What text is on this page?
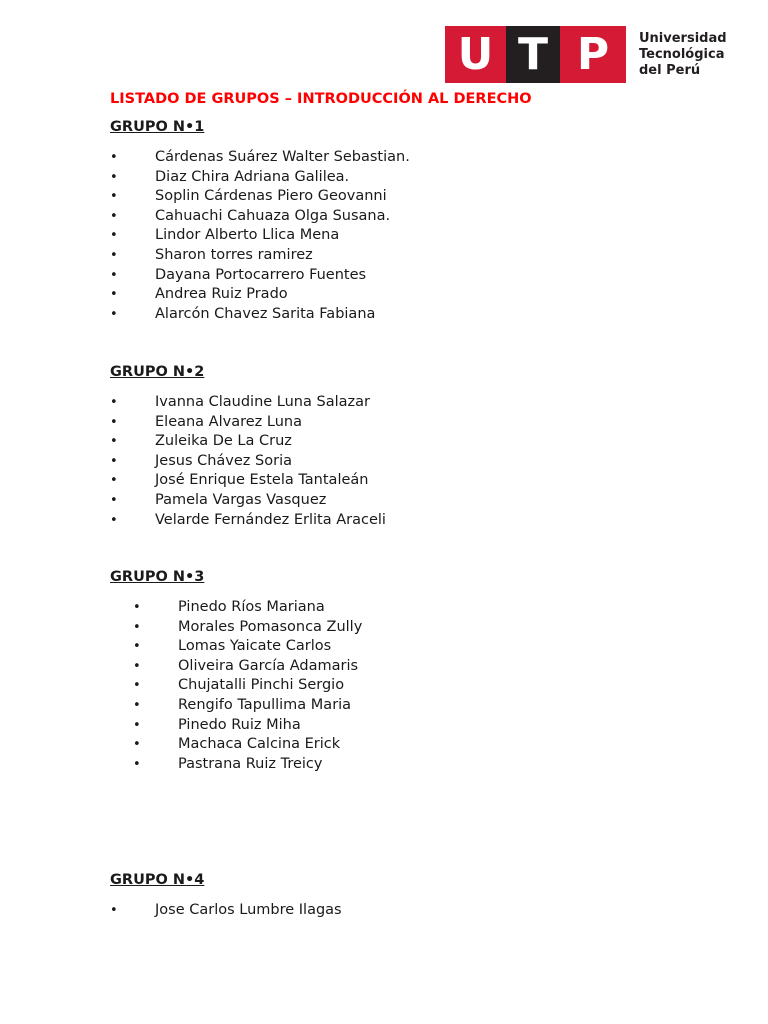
U T P	Universidad
Tecnológica
del Perú
LISTADO DE GRUPOS – INTRODUCCIÓN AL DERECHO
GRUPO N•1
•	Cárdenas Suárez Walter Sebastian.
•	Diaz Chira Adriana Galilea.
•	Soplin Cárdenas Piero Geovanni
•	Cahuachi Cahuaza Olga Susana.
•	Lindor Alberto Llica Mena
•	Sharon torres ramirez
•	Dayana Portocarrero Fuentes
•	Andrea Ruiz Prado
•	Alarcón Chavez Sarita Fabiana
GRUPO N•2
•	Ivanna Claudine Luna Salazar
•	Eleana Alvarez Luna
•	Zuleika De La Cruz
•	Jesus Chávez Soria
•	José Enrique Estela Tantaleán
•	Pamela Vargas Vasquez
•	Velarde Fernández Erlita Araceli
GRUPO N•3
•	Pinedo Ríos Mariana
•	Morales Pomasonca Zully
•	Lomas Yaicate Carlos
•	Oliveira García Adamaris
•	Chujatalli Pinchi Sergio
•	Rengifo Tapullima Maria
•	Pinedo Ruiz Miha
•	Machaca Calcina Erick
•	Pastrana Ruiz Treicy
GRUPO N•4
•	Jose Carlos Lumbre Ilagas
